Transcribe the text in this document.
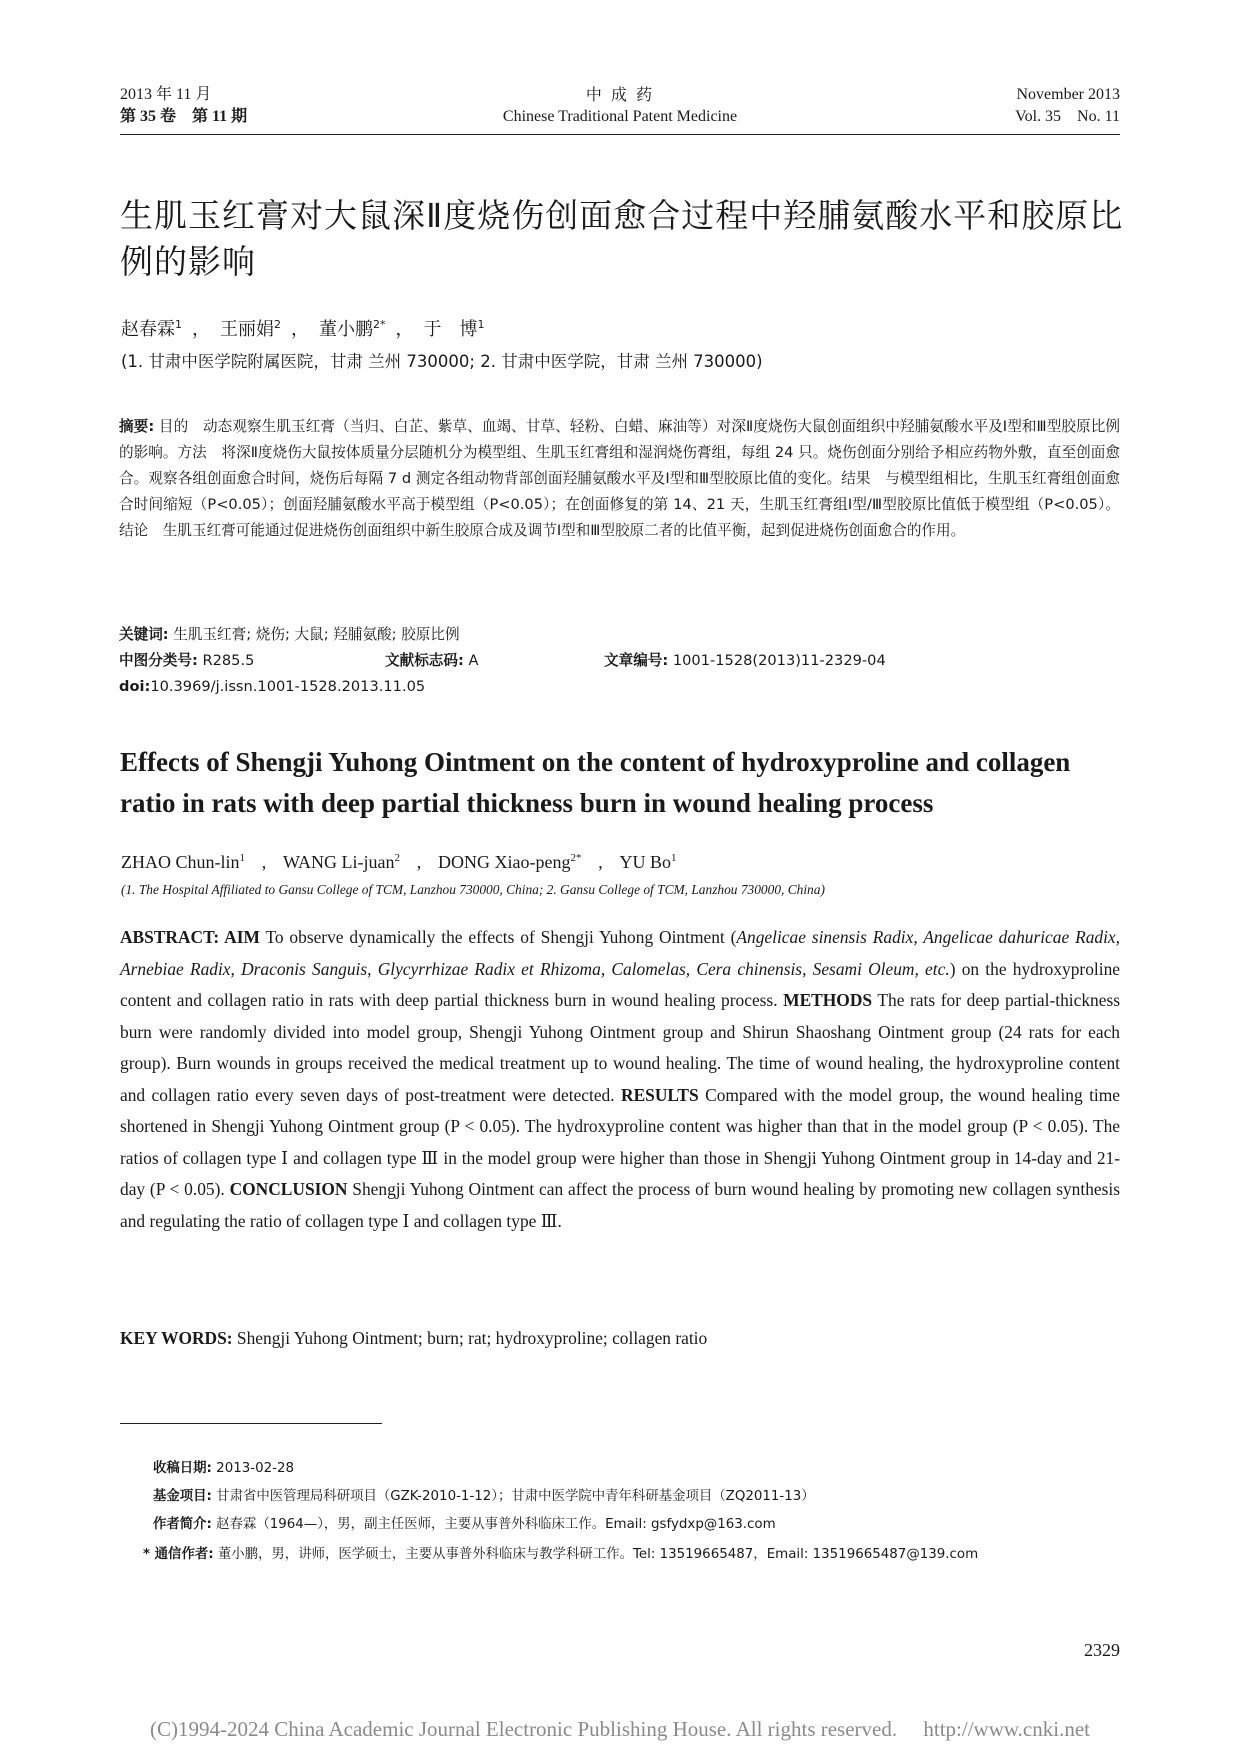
2013 年 11 月
第 35 卷　第 11 期
中 成 药
Chinese Traditional Patent Medicine
November 2013
Vol. 35　No. 11
生肌玉红膏对大鼠深Ⅱ度烧伤创面愈合过程中羟脯氨酸水平和胶原比例的影响
赵春霖$^1$ ， 王丽娟$^2$ ， 董小鹏$^{2*}$ ， 于　博$^1$
(1. 甘肃中医学院附属医院，甘肃 兰州 730000; 2. 甘肃中医学院，甘肃 兰州 730000)

摘要: 目的　动态观察生肌玉红膏（当归、白芷、紫草、血竭、甘草、轻粉、白蜡、麻油等）对深Ⅱ度烧伤大鼠创面组织中羟脯氨酸水平及Ⅰ型和Ⅲ型胶原比例的影响。方法　将深Ⅱ度烧伤大鼠按体质量分层随机分为模型组、生肌玉红膏组和湿润烧伤膏组，每组 24 只。烧伤创面分别给予相应药物外敷，直至创面愈合。观察各组创面愈合时间，烧伤后每隔 7 d 测定各组动物背部创面羟脯氨酸水平及Ⅰ型和Ⅲ型胶原比值的变化。结果　与模型组相比，生肌玉红膏组创面愈合时间缩短（P<0.05）；创面羟脯氨酸水平高于模型组（P<0.05）；在创面修复的第 14、21 天，生肌玉红膏组Ⅰ型/Ⅲ型胶原比值低于模型组（P<0.05）。结论　生肌玉红膏可能通过促进烧伤创面组织中新生胶原合成及调节Ⅰ型和Ⅲ型胶原二者的比值平衡，起到促进烧伤创面愈合的作用。

关键词: 生肌玉红膏; 烧伤; 大鼠; 羟脯氨酸; 胶原比例
中图分类号: R285.5	文献标志码: A	文章编号: 1001-1528(2013)11-2329-04
doi:10.3969/j.issn.1001-1528.2013.11.05
Effects of Shengji Yuhong Ointment on the content of hydroxyproline and collagen ratio in rats with deep partial thickness burn in wound healing process
ZHAO Chun-lin$^1$ , WANG Li-juan$^2$ , DONG Xiao-peng$^{2*}$ , YU Bo$^1$
(1. The Hospital Affiliated to Gansu College of TCM, Lanzhou 730000, China; 2. Gansu College of TCM, Lanzhou 730000, China)

ABSTRACT: AIM To observe dynamically the effects of Shengji Yuhong Ointment (Angelicae sinensis Radix, Angelicae dahuricae Radix, Arnebiae Radix, Draconis Sanguis, Glycyrrhizae Radix et Rhizoma, Calomelas, Cera chinensis, Sesami Oleum, etc.) on the hydroxyproline content and collagen ratio in rats with deep partial thickness burn in wound healing process. METHODS The rats for deep partial-thickness burn were randomly divided into model group, Shengji Yuhong Ointment group and Shirun Shaoshang Ointment group (24 rats for each group). Burn wounds in groups received the medical treatment up to wound healing. The time of wound healing, the hydroxyproline content and collagen ratio every seven days of post-treatment were detected. RESULTS Compared with the model group, the wound healing time shortened in Shengji Yuhong Ointment group (P < 0.05). The hydroxyproline content was higher than that in the model group (P < 0.05). The ratios of collagen type Ⅰ and collagen type Ⅲ in the model group were higher than those in Shengji Yuhong Ointment group in 14-day and 21-day (P < 0.05). CONCLUSION Shengji Yuhong Ointment can affect the process of burn wound healing by promoting new collagen synthesis and regulating the ratio of collagen type Ⅰ and collagen type Ⅲ.

KEY WORDS: Shengji Yuhong Ointment; burn; rat; hydroxyproline; collagen ratio
收稿日期: 2013-02-28
基金项目: 甘肃省中医管理局科研项目（GZK-2010-1-12）；甘肃中医学院中青年科研基金项目（ZQ2011-13）
作者简介: 赵春霖（1964—），男，副主任医师，主要从事普外科临床工作。Email: gsfydxp@163.com
* 通信作者: 董小鹏，男，讲师，医学硕士，主要从事普外科临床与教学科研工作。Tel: 13519665487，Email: 13519665487@139.com
2329
(C)1994-2024 China Academic Journal Electronic Publishing House. All rights reserved.　 http://www.cnki.net
